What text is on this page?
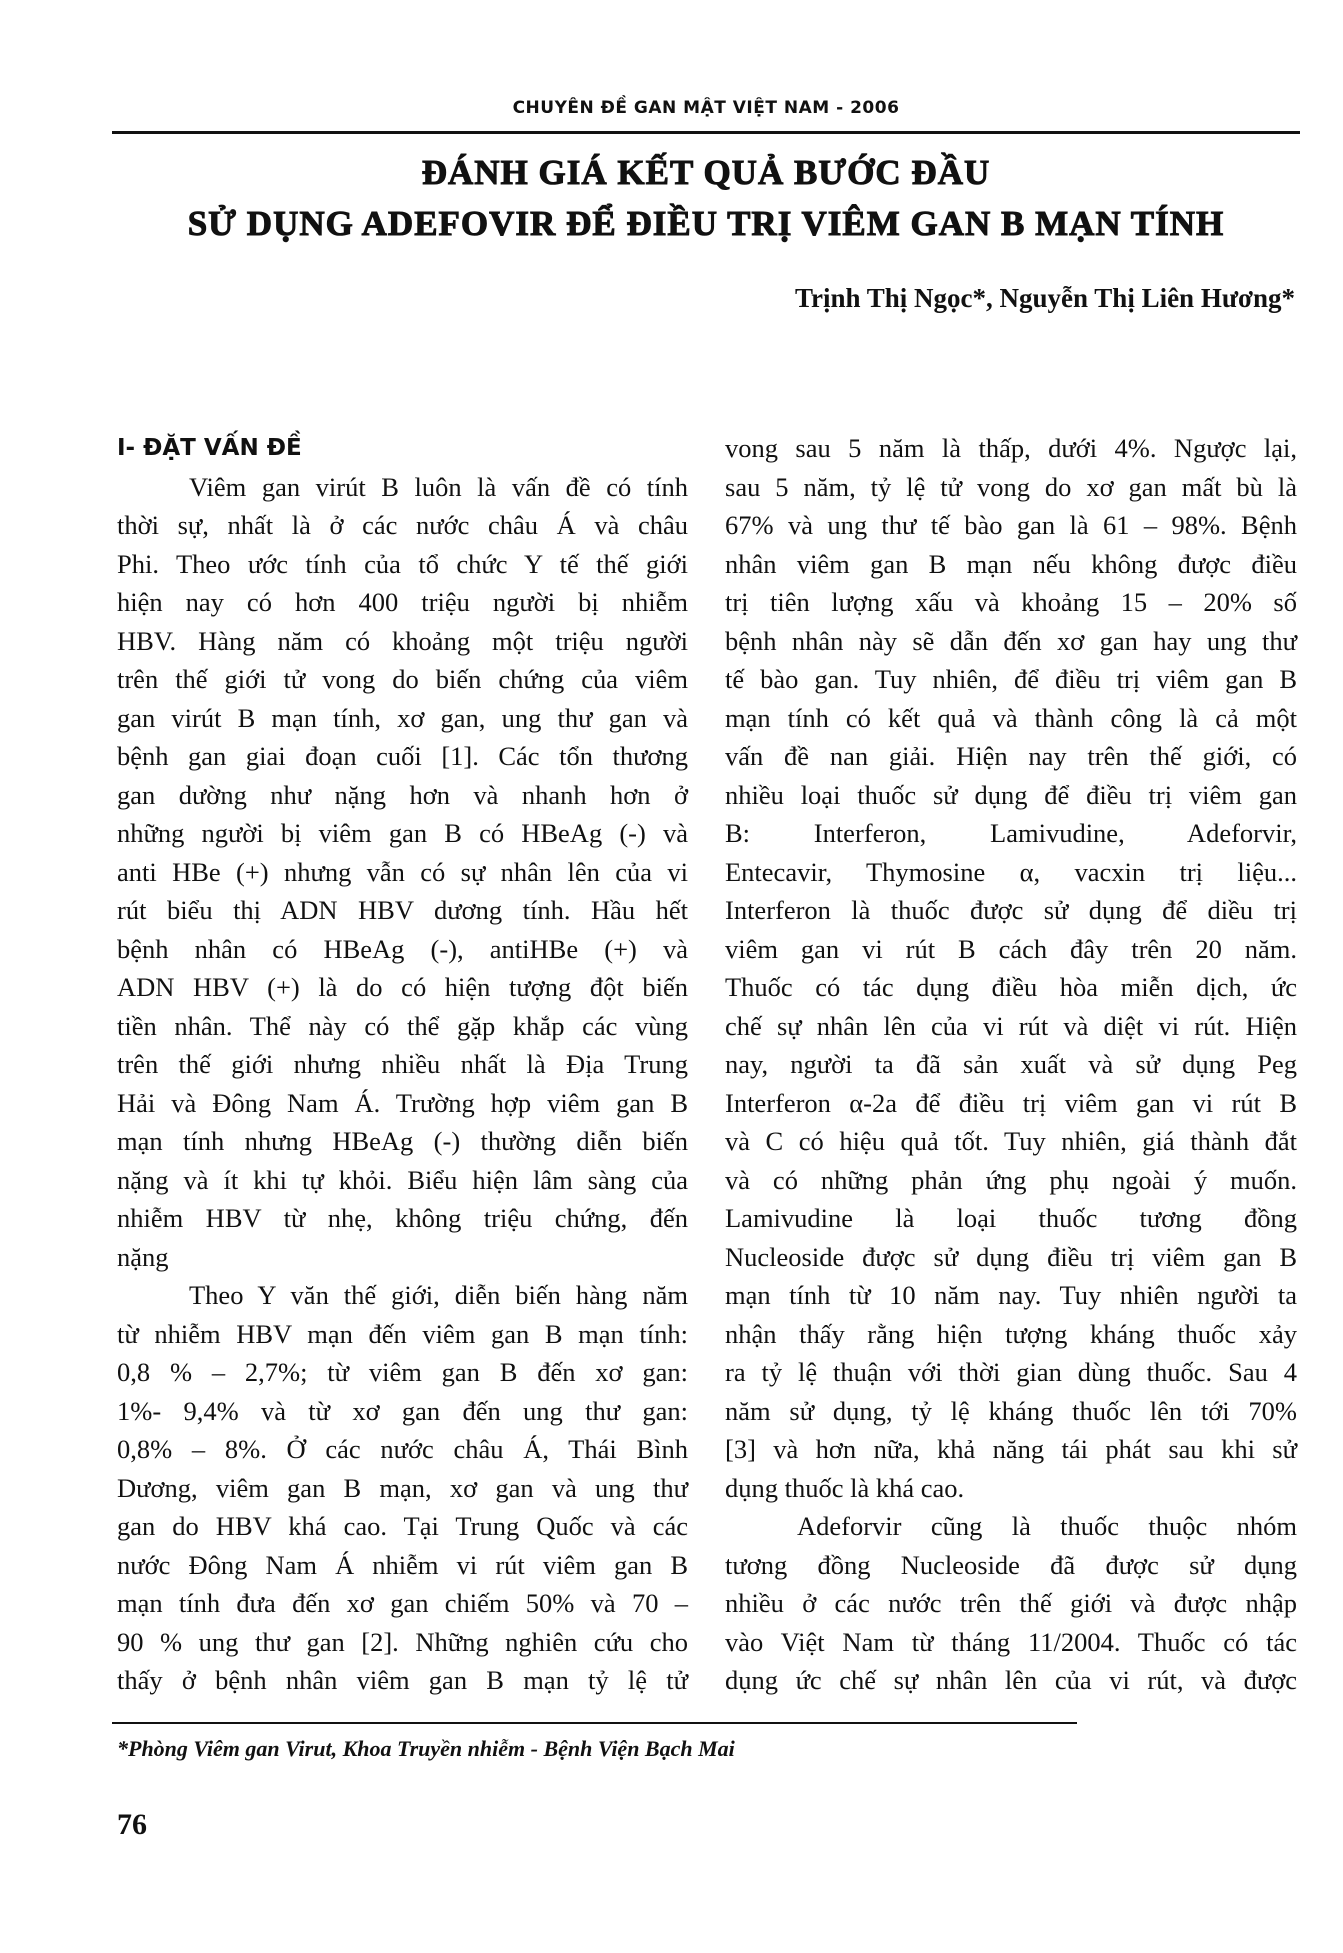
CHUYÊN ĐỀ GAN MẬT VIỆT NAM - 2006
ĐÁNH GIÁ KẾT QUẢ BƯỚC ĐẦU
SỬ DỤNG ADEFOVIR ĐỂ ĐIỀU TRỊ VIÊM GAN B MẠN TÍNH
Trịnh Thị Ngọc*, Nguyễn Thị Liên Hương*
I- ĐẶT VẤN ĐỀ
Viêm gan virút B luôn là vấn đề có tính
thời sự, nhất là ở các nước châu Á và châu
Phi. Theo ước tính của tổ chức Y tế thế giới
hiện nay có hơn 400 triệu người bị nhiễm
HBV. Hàng năm có khoảng một triệu người
trên thế giới tử vong do biến chứng của viêm
gan virút B mạn tính, xơ gan, ung thư gan và
bệnh gan giai đoạn cuối [1]. Các tổn thương
gan dường như nặng hơn và nhanh hơn ở
những người bị viêm gan B có HBeAg (-) và
anti HBe (+) nhưng vẫn có sự nhân lên của vi
rút biểu thị ADN HBV dương tính. Hầu hết
bệnh nhân có HBeAg (-), antiHBe (+) và
ADN HBV (+) là do có hiện tượng đột biến
tiền nhân. Thể này có thể gặp khắp các vùng
trên thế giới nhưng nhiều nhất là Địa Trung
Hải và Đông Nam Á. Trường hợp viêm gan B
mạn tính nhưng HBeAg (-) thường diễn biến
nặng và ít khi tự khỏi. Biểu hiện lâm sàng của
nhiễm HBV từ nhẹ, không triệu chứng, đến
nặng
Theo Y văn thế giới, diễn biến hàng năm
từ nhiễm HBV mạn đến viêm gan B mạn tính:
0,8 % – 2,7%; từ viêm gan B đến xơ gan:
1%- 9,4% và từ xơ gan đến ung thư gan:
0,8% – 8%. Ở các nước châu Á, Thái Bình
Dương, viêm gan B mạn, xơ gan và ung thư
gan do HBV khá cao. Tại Trung Quốc và các
nước Đông Nam Á nhiễm vi rút viêm gan B
mạn tính đưa đến xơ gan chiếm 50% và 70 –
90 % ung thư gan [2]. Những nghiên cứu cho
thấy ở bệnh nhân viêm gan B mạn tỷ lệ tử
vong sau 5 năm là thấp, dưới 4%. Ngược lại,
sau 5 năm, tỷ lệ tử vong do xơ gan mất bù là
67% và ung thư tế bào gan là 61 – 98%. Bệnh
nhân viêm gan B mạn nếu không được điều
trị tiên lượng xấu và khoảng 15 – 20% số
bệnh nhân này sẽ dẫn đến xơ gan hay ung thư
tế bào gan. Tuy nhiên, để điều trị viêm gan B
mạn tính có kết quả và thành công là cả một
vấn đề nan giải. Hiện nay trên thế giới, có
nhiều loại thuốc sử dụng để điều trị viêm gan
B: Interferon, Lamivudine, Adeforvir,
Entecavir, Thymosine α, vacxin trị liệu...
Interferon là thuốc được sử dụng để diều trị
viêm gan vi rút B cách đây trên 20 năm.
Thuốc có tác dụng điều hòa miễn dịch, ức
chế sự nhân lên của vi rút và diệt vi rút. Hiện
nay, người ta đã sản xuất và sử dụng Peg
Interferon α-2a để điều trị viêm gan vi rút B
và C có hiệu quả tốt. Tuy nhiên, giá thành đắt
và có những phản ứng phụ ngoài ý muốn.
Lamivudine là loại thuốc tương đồng
Nucleoside được sử dụng điều trị viêm gan B
mạn tính từ 10 năm nay. Tuy nhiên người ta
nhận thấy rằng hiện tượng kháng thuốc xảy
ra tỷ lệ thuận với thời gian dùng thuốc. Sau 4
năm sử dụng, tỷ lệ kháng thuốc lên tới 70%
[3] và hơn nữa, khả năng tái phát sau khi sử
dụng thuốc là khá cao.
Adeforvir cũng là thuốc thuộc nhóm
tương đồng Nucleoside đã được sử dụng
nhiều ở các nước trên thế giới và được nhập
vào Việt Nam từ tháng 11/2004. Thuốc có tác
dụng ức chế sự nhân lên của vi rút, và được
*Phòng Viêm gan Virut, Khoa Truyền nhiễm - Bệnh Viện Bạch Mai
76
